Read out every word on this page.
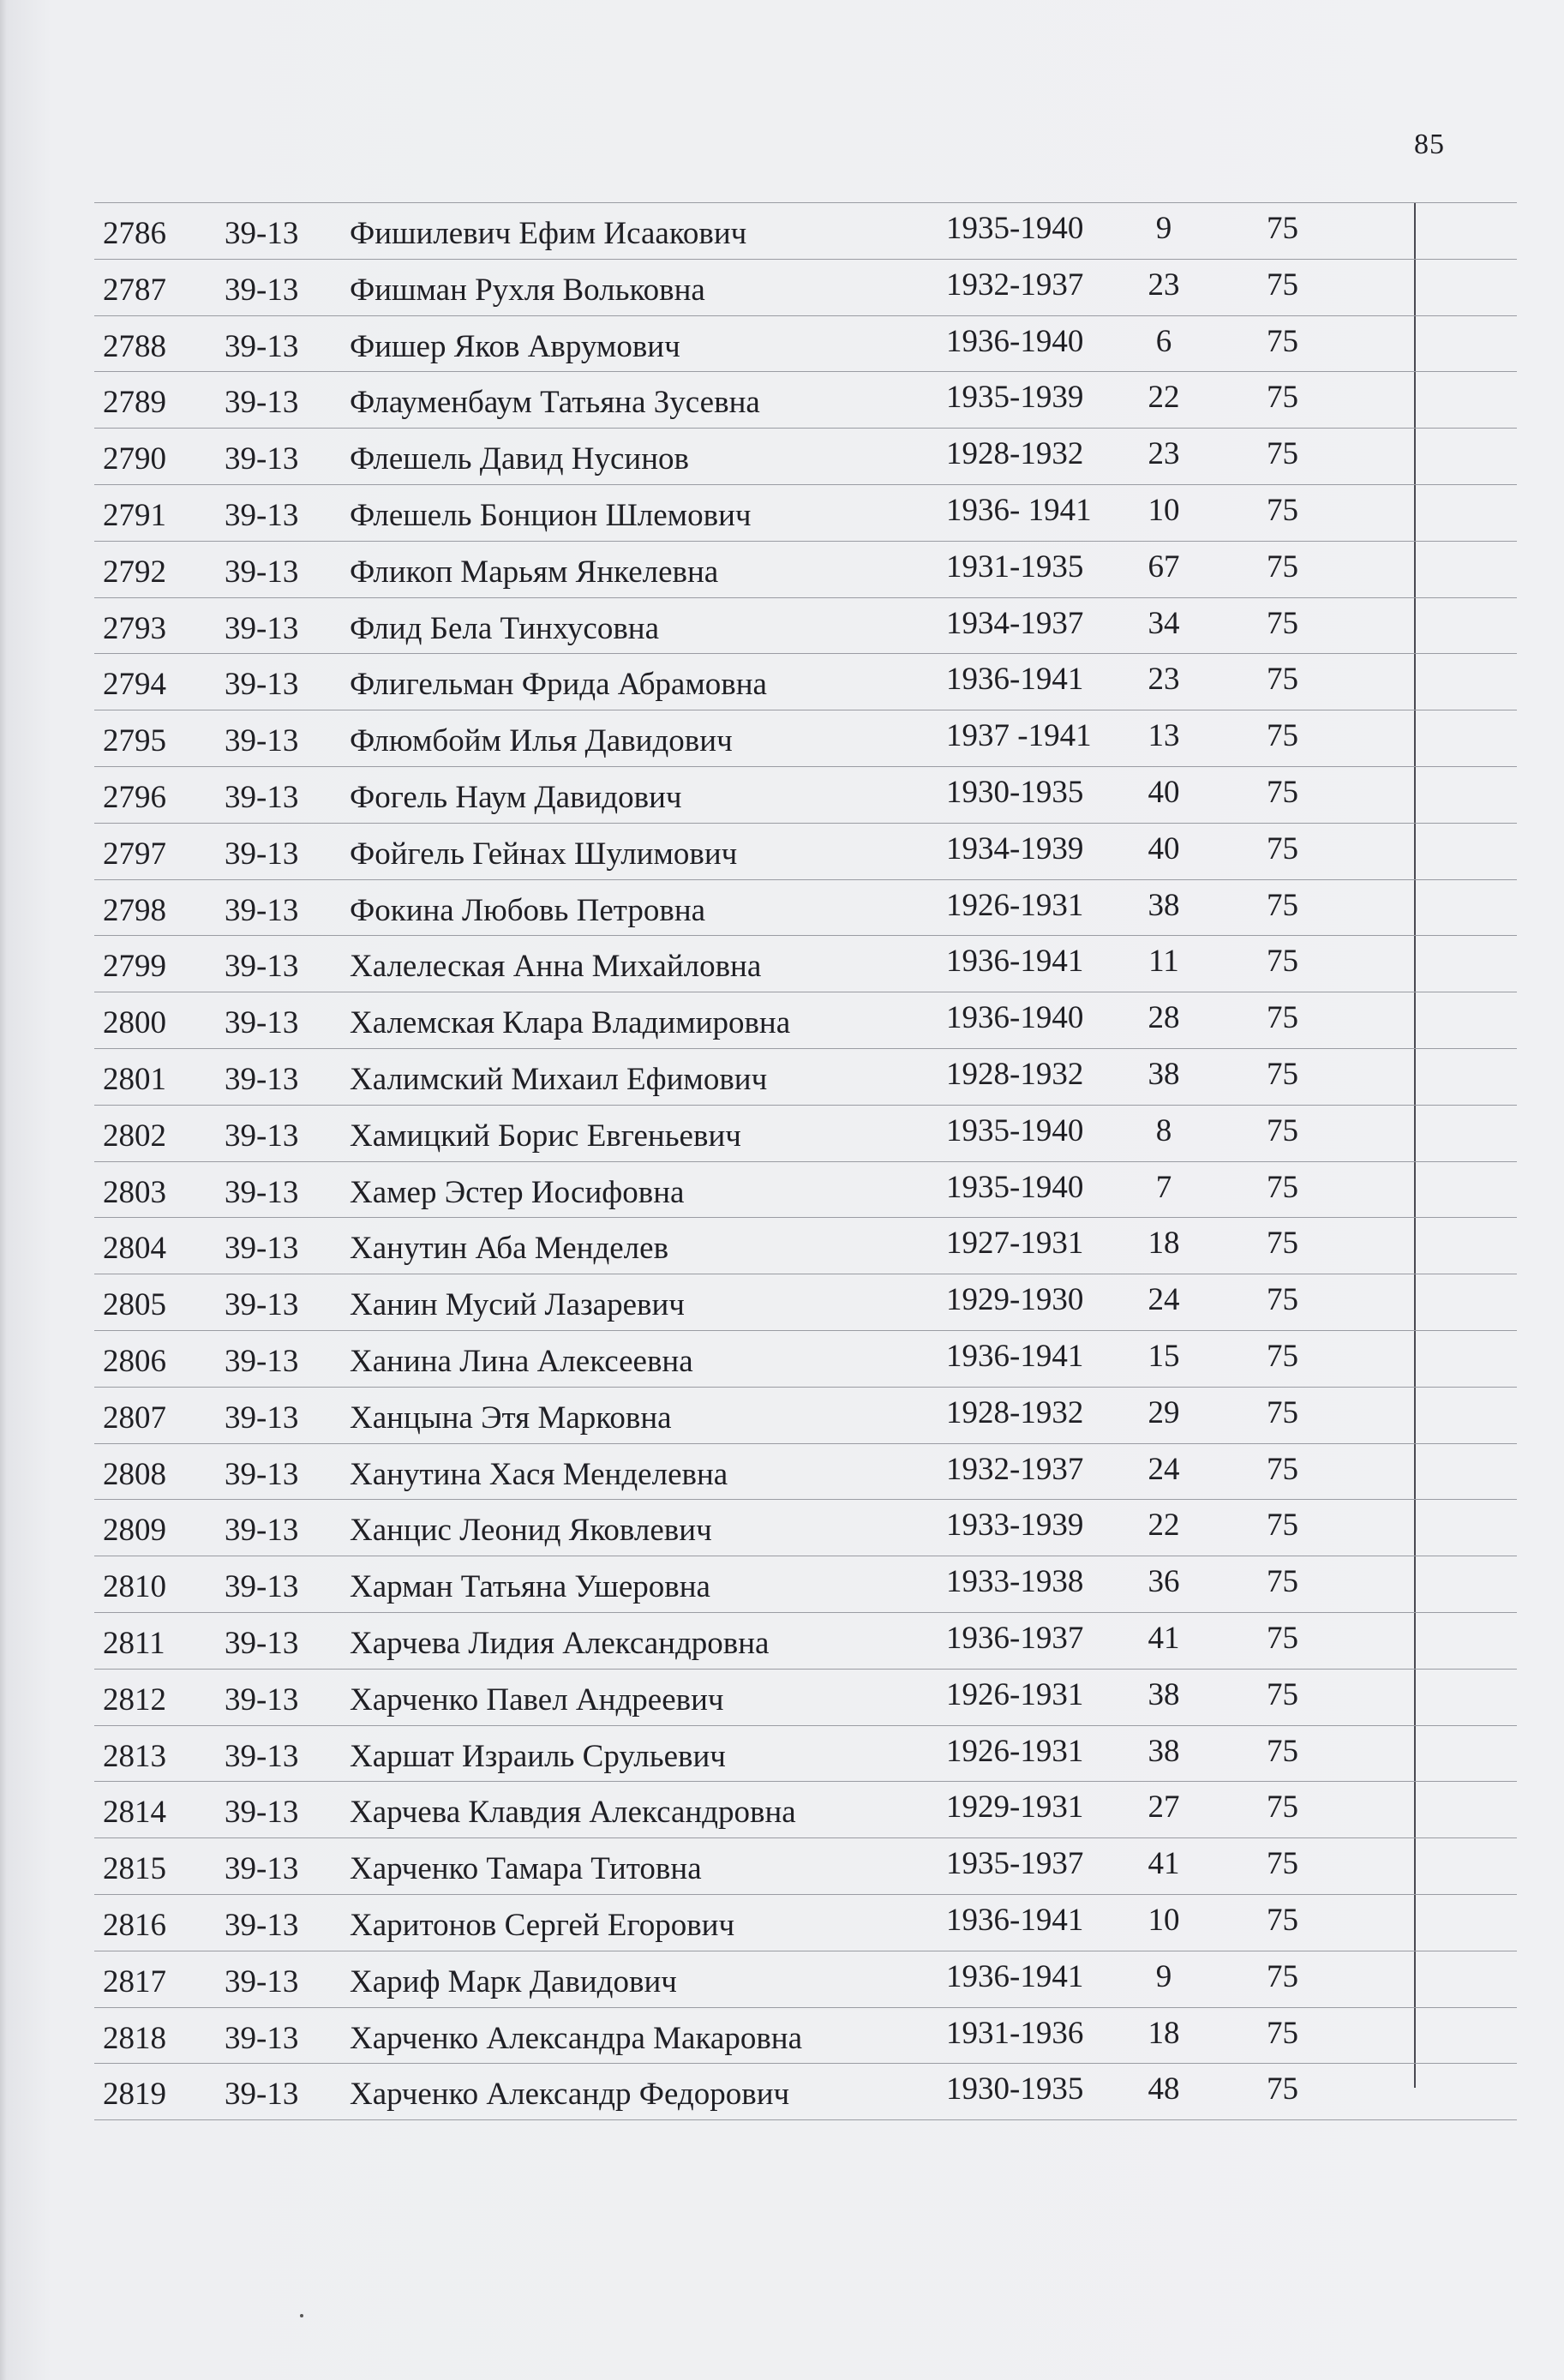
85
2786 39-13 Фишилевич Ефим Исаакович	1935-1940	9	75
2787 39-13 Фишман Рухля Вольковна	1932-1937	23	75
2788 39-13 Фишер Яков Аврумович	1936-1940	6	75
2789 39-13 Флауменбаум Татьяна Зусевна	1935-1939	22	75
2790 39-13 Флешель Давид Нусинов	1928-1932	23	75
2791 39-13 Флешель Бонцион Шлемович	1936- 1941	10	75
2792 39-13 Фликоп Марьям Янкелевна	1931-1935	67	75
2793 39-13 Флид Бела Тинхусовна	1934-1937	34	75
2794 39-13 Флигельман Фрида Абрамовна	1936-1941	23	75
2795 39-13 Флюмбойм Илья Давидович	1937 -1941	13	75
2796 39-13 Фогель Наум Давидович	1930-1935	40	75
2797 39-13 Фойгель Гейнах Шулимович	1934-1939	40	75
2798 39-13 Фокина Любовь Петровна	1926-1931	38	75
2799 39-13 Халелеская Анна Михайловна	1936-1941	11	75
2800 39-13 Халемская Клара Владимировна	1936-1940	28	75
2801 39-13 Халимский Михаил Ефимович	1928-1932	38	75
2802 39-13 Хамицкий Борис Евгеньевич	1935-1940	8	75
2803 39-13 Хамер Эстер Иосифовна	1935-1940	7	75
2804 39-13 Ханутин Аба Менделев	1927-1931	18	75
2805 39-13 Ханин Мусий Лазаревич	1929-1930	24	75
2806 39-13 Ханина Лина Алексеевна	1936-1941	15	75
2807 39-13 Ханцына Этя Марковна	1928-1932	29	75
2808 39-13 Ханутина Хася Менделевна	1932-1937	24	75
2809 39-13 Ханцис Леонид Яковлевич	1933-1939	22	75
2810 39-13 Харман Татьяна Ушеровна	1933-1938	36	75
2811 39-13 Харчева Лидия Александровна	1936-1937	41	75
2812 39-13 Харченко Павел Андреевич	1926-1931	38	75
2813 39-13 Харшат Израиль Срульевич	1926-1931	38	75
2814 39-13 Харчева Клавдия Александровна	1929-1931	27	75
2815 39-13 Харченко Тамара Титовна	1935-1937	41	75
2816 39-13 Харитонов Сергей Егорович	1936-1941	10	75
2817 39-13 Хариф Марк Давидович	1936-1941	9	75
2818 39-13 Харченко Александра Макаровна	1931-1936	18	75
2819 39-13 Харченко Александр Федорович	1930-1935	48	75
